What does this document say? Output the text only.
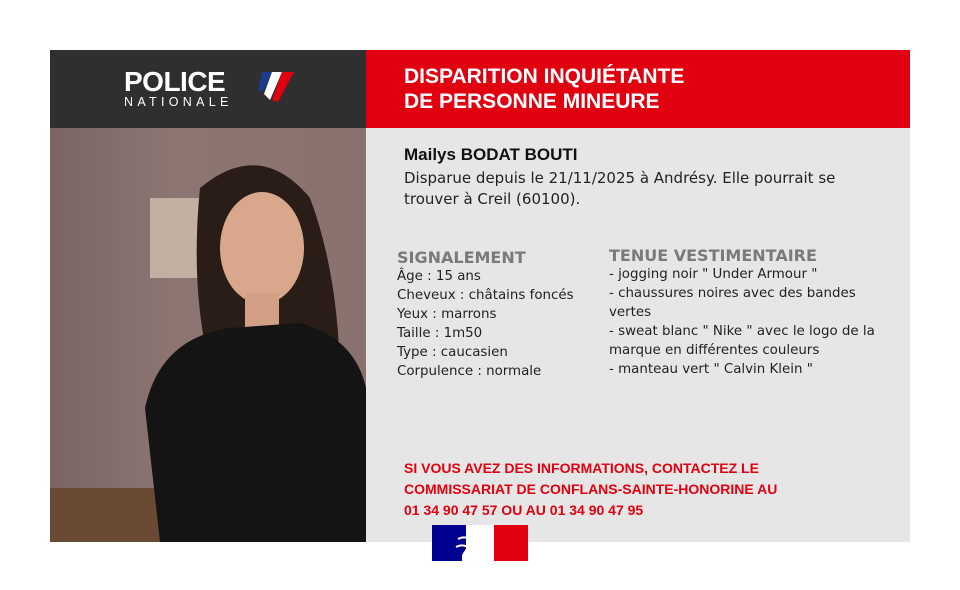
POLICE
NATIONALE
DISPARITION INQUIÉTANTE
DE PERSONNE MINEURE
Mailys BODAT BOUTI
Disparue depuis le 21/11/2025 à Andrésy. Elle pourrait se trouver à Creil (60100).
SIGNALEMENT
Âge : 15 ans
Cheveux : châtains foncés
Yeux : marrons
Taille : 1m50
Type : caucasien
Corpulence : normale
TENUE VESTIMENTAIRE
- jogging noir " Under Armour "
- chaussures noires avec des bandes vertes
- sweat blanc " Nike " avec le logo de la marque en différentes couleurs
- manteau vert " Calvin Klein "
SI VOUS AVEZ DES INFORMATIONS, CONTACTEZ LE
COMMISSARIAT DE CONFLANS-SAINTE-HONORINE AU
01 34 90 47 57 OU AU 01 34 90 47 95
